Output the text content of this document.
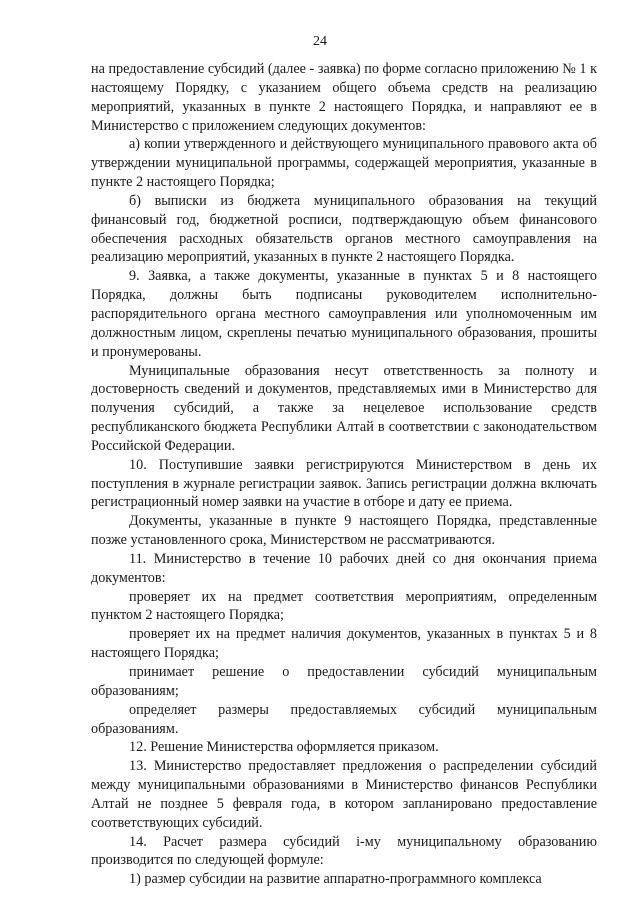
24

на предоставление субсидий (далее - заявка) по форме согласно приложению № 1 к настоящему Порядку, с указанием общего объема средств на реализацию мероприятий, указанных в пункте 2 настоящего Порядка, и направляют ее в Министерство с приложением следующих документов:

а) копии утвержденного и действующего муниципального правового акта об утверждении муниципальной программы, содержащей мероприятия, указанные в пункте 2 настоящего Порядка;

б) выписки из бюджета муниципального образования на текущий финансовый год, бюджетной росписи, подтверждающую объем финансового обеспечения расходных обязательств органов местного самоуправления на реализацию мероприятий, указанных в пункте 2 настоящего Порядка.

9. Заявка, а также документы, указанные в пунктах 5 и 8 настоящего Порядка, должны быть подписаны руководителем исполнительно-распорядительного органа местного самоуправления или уполномоченным им должностным лицом, скреплены печатью муниципального образования, прошиты и пронумерованы.

Муниципальные образования несут ответственность за полноту и достоверность сведений и документов, представляемых ими в Министерство для получения субсидий, а также за нецелевое использование средств республиканского бюджета Республики Алтай в соответствии с законодательством Российской Федерации.

10. Поступившие заявки регистрируются Министерством в день их поступления в журнале регистрации заявок. Запись регистрации должна включать регистрационный номер заявки на участие в отборе и дату ее приема.

Документы, указанные в пункте 9 настоящего Порядка, представленные позже установленного срока, Министерством не рассматриваются.

11. Министерство в течение 10 рабочих дней со дня окончания приема документов:

проверяет их на предмет соответствия мероприятиям, определенным пунктом 2 настоящего Порядка;

проверяет их на предмет наличия документов, указанных в пунктах 5 и 8 настоящего Порядка;

принимает решение о предоставлении субсидий муниципальным образованиям;

определяет размеры предоставляемых субсидий муниципальным образованиям.

12. Решение Министерства оформляется приказом.

13. Министерство предоставляет предложения о распределении субсидий между муниципальными образованиями в Министерство финансов Республики Алтай не позднее 5 февраля года, в котором запланировано предоставление соответствующих субсидий.

14. Расчет размера субсидий i-му муниципальному образованию производится по следующей формуле:

1) размер субсидии на развитие аппаратно-программного комплекса
